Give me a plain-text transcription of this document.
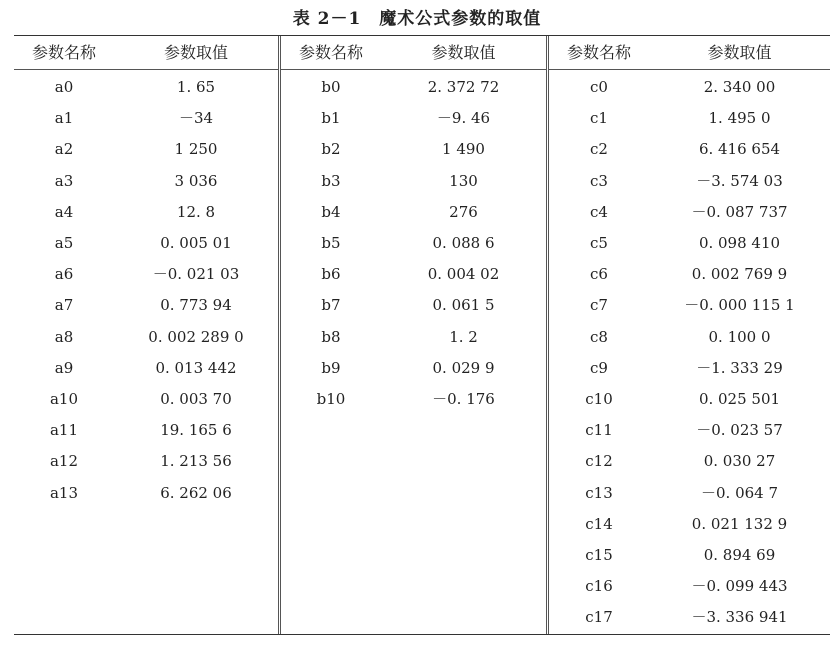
表 2－1　魔术公式参数的取值
参数名称	参数取值
a0	1. 65
a1	－34
a2	1 250
a3	3 036
a4	12. 8
a5	0. 005 01
a6	－0. 021 03
a7	0. 773 94
a8	0. 002 289 0
a9	0. 013 442
a10	0. 003 70
a11	19. 165 6
a12	1. 213 56
a13	6. 262 06
参数名称	参数取值
b0	2. 372 72
b1	－9. 46
b2	1 490
b3	130
b4	276
b5	0. 088 6
b6	0. 004 02
b7	0. 061 5
b8	1. 2
b9	0. 029 9
b10	－0. 176
参数名称	参数取值
c0	2. 340 00
c1	1. 495 0
c2	6. 416 654
c3	－3. 574 03
c4	－0. 087 737
c5	0. 098 410
c6	0. 002 769 9
c7	－0. 000 115 1
c8	0. 100 0
c9	－1. 333 29
c10	0. 025 501
c11	－0. 023 57
c12	0. 030 27
c13	－0. 064 7
c14	0. 021 132 9
c15	0. 894 69
c16	－0. 099 443
c17	－3. 336 941
